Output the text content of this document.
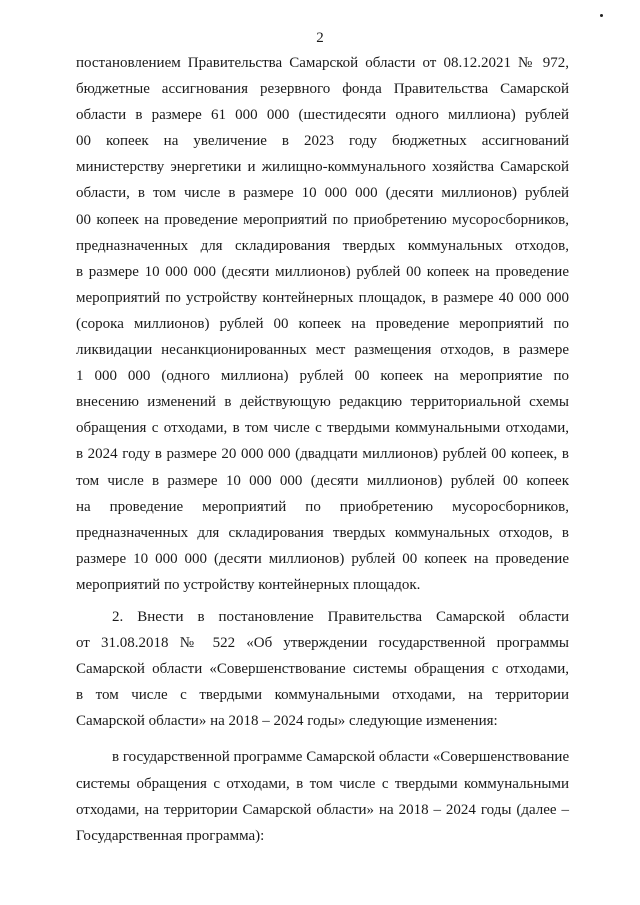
2
постановлением Правительства Самарской области от 08.12.2021 № 972,
бюджетные ассигнования резервного фонда Правительства Самарской
области в размере 61 000 000 (шестидесяти одного миллиона) рублей
00 копеек на увеличение в 2023 году бюджетных ассигнований
министерству энергетики и жилищно-коммунального хозяйства Самарской
области, в том числе в размере 10 000 000 (десяти миллионов) рублей
00 копеек на проведение мероприятий по приобретению мусоросборников,
предназначенных для складирования твердых коммунальных отходов,
в размере 10 000 000 (десяти миллионов) рублей 00 копеек на проведение
мероприятий по устройству контейнерных площадок, в размере 40 000 000
(сорока миллионов) рублей 00 копеек на проведение мероприятий по
ликвидации несанкционированных мест размещения отходов, в размере
1 000 000 (одного миллиона) рублей 00 копеек на мероприятие по
внесению изменений в действующую редакцию территориальной схемы
обращения с отходами, в том числе с твердыми коммунальными отходами,
в 2024 году в размере 20 000 000 (двадцати миллионов) рублей 00 копеек, в
том числе в размере 10 000 000 (десяти миллионов) рублей 00 копеек
на проведение мероприятий по приобретению мусоросборников,
предназначенных для складирования твердых коммунальных отходов, в
размере 10 000 000 (десяти миллионов) рублей 00 копеек на проведение
мероприятий по устройству контейнерных площадок.
2. Внести в постановление Правительства Самарской области
от 31.08.2018 № 522 «Об утверждении государственной программы
Самарской области «Совершенствование системы обращения с отходами,
в том числе с твердыми коммунальными отходами, на территории
Самарской области» на 2018 – 2024 годы» следующие изменения:
в государственной программе Самарской области «Совершенствование
системы обращения с отходами, в том числе с твердыми коммунальными
отходами, на территории Самарской области» на 2018 – 2024 годы (далее –
Государственная программа):
